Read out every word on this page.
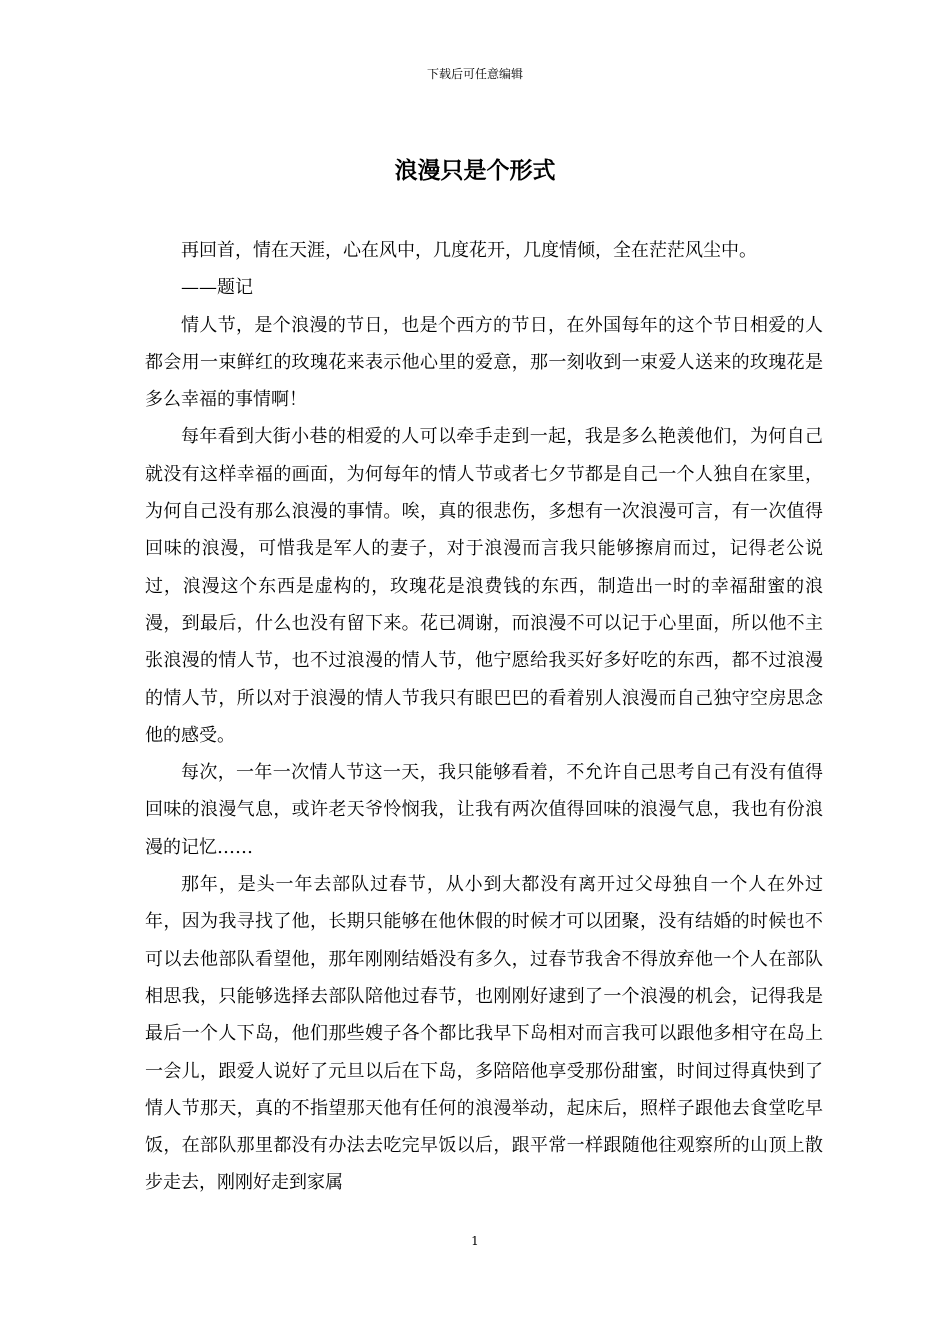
下载后可任意编辑
浪漫只是个形式

再回首，情在天涯，心在风中，几度花开，几度情倾，全在茫茫风尘中。

——题记

情人节，是个浪漫的节日，也是个西方的节日，在外国每年的这个节日相爱的人都会用一束鲜红的玫瑰花来表示他心里的爱意，那一刻收到一束爱人送来的玫瑰花是多么幸福的事情啊！

每年看到大街小巷的相爱的人可以牵手走到一起，我是多么艳羡他们，为何自己就没有这样幸福的画面，为何每年的情人节或者七夕节都是自己一个人独自在家里，为何自己没有那么浪漫的事情。唉，真的很悲伤，多想有一次浪漫可言，有一次值得回味的浪漫，可惜我是军人的妻子，对于浪漫而言我只能够擦肩而过，记得老公说过，浪漫这个东西是虚构的，玫瑰花是浪费钱的东西，制造出一时的幸福甜蜜的浪漫，到最后，什么也没有留下来。花已凋谢，而浪漫不可以记于心里面，所以他不主张浪漫的情人节，也不过浪漫的情人节，他宁愿给我买好多好吃的东西，都不过浪漫的情人节，所以对于浪漫的情人节我只有眼巴巴的看着别人浪漫而自己独守空房思念他的感受。

每次，一年一次情人节这一天，我只能够看着，不允许自己思考自己有没有值得回味的浪漫气息，或许老天爷怜悯我，让我有两次值得回味的浪漫气息，我也有份浪漫的记忆……

那年，是头一年去部队过春节，从小到大都没有离开过父母独自一个人在外过年，因为我寻找了他，长期只能够在他休假的时候才可以团聚，没有结婚的时候也不可以去他部队看望他，那年刚刚结婚没有多久，过春节我舍不得放弃他一个人在部队相思我，只能够选择去部队陪他过春节，也刚刚好逮到了一个浪漫的机会，记得我是最后一个人下岛，他们那些嫂子各个都比我早下岛相对而言我可以跟他多相守在岛上一会儿，跟爱人说好了元旦以后在下岛，多陪陪他享受那份甜蜜，时间过得真快到了情人节那天，真的不指望那天他有任何的浪漫举动，起床后，照样子跟他去食堂吃早饭，在部队那里都没有办法去吃完早饭以后，跟平常一样跟随他往观察所的山顶上散步走去，刚刚好走到家属

1
